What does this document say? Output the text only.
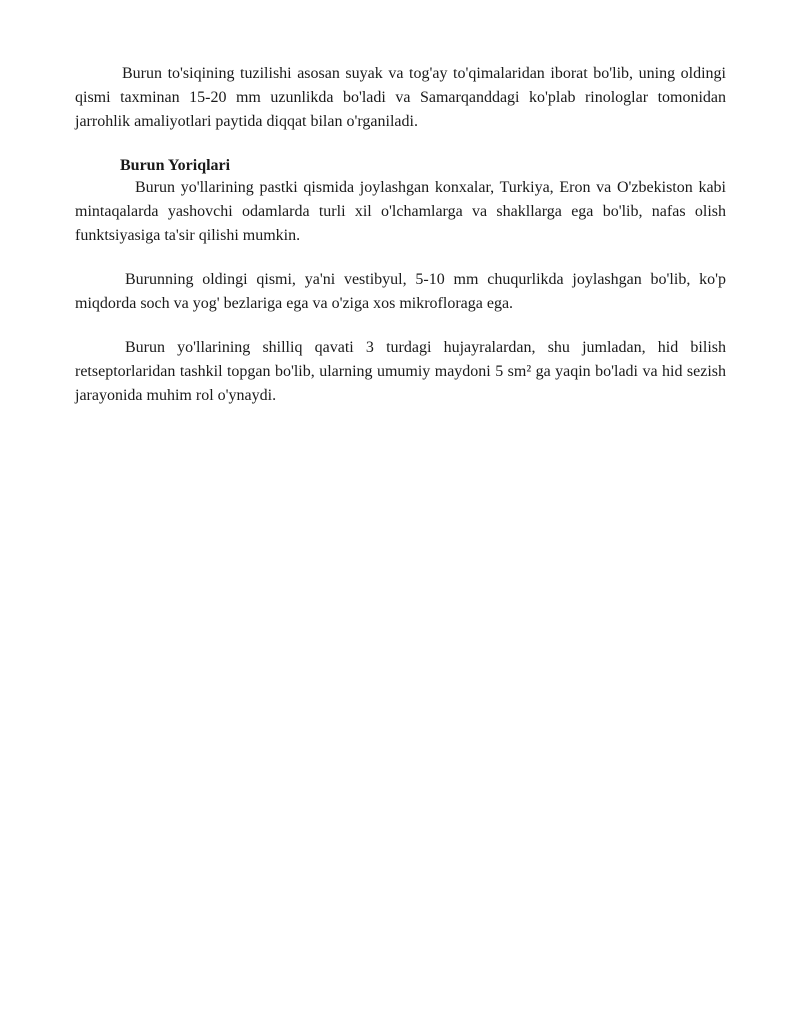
Burun to'siqining tuzilishi asosan suyak va tog'ay to'qimalaridan iborat bo'lib, uning oldingi qismi taxminan 15-20 mm uzunlikda bo'ladi va Samarqanddagi ko'plab rinologlar tomonidan jarrohlik amaliyotlari paytida diqqat bilan o'rganiladi.

Burun Yoriqlari

Burun yo'llarining pastki qismida joylashgan konxalar, Turkiya, Eron va O'zbekiston kabi mintaqalarda yashovchi odamlarda turli xil o'lchamlarga va shakllarga ega bo'lib, nafas olish funktsiyasiga ta'sir qilishi mumkin.

Burunning oldingi qismi, ya'ni vestibyul, 5-10 mm chuqurlikda joylashgan bo'lib, ko'p miqdorda soch va yog' bezlariga ega va o'ziga xos mikrofloraga ega.

Burun yo'llarining shilliq qavati 3 turdagi hujayralardan, shu jumladan, hid bilish retseptorlaridan tashkil topgan bo'lib, ularning umumiy maydoni 5 sm² ga yaqin bo'ladi va hid sezish jarayonida muhim rol o'ynaydi.
